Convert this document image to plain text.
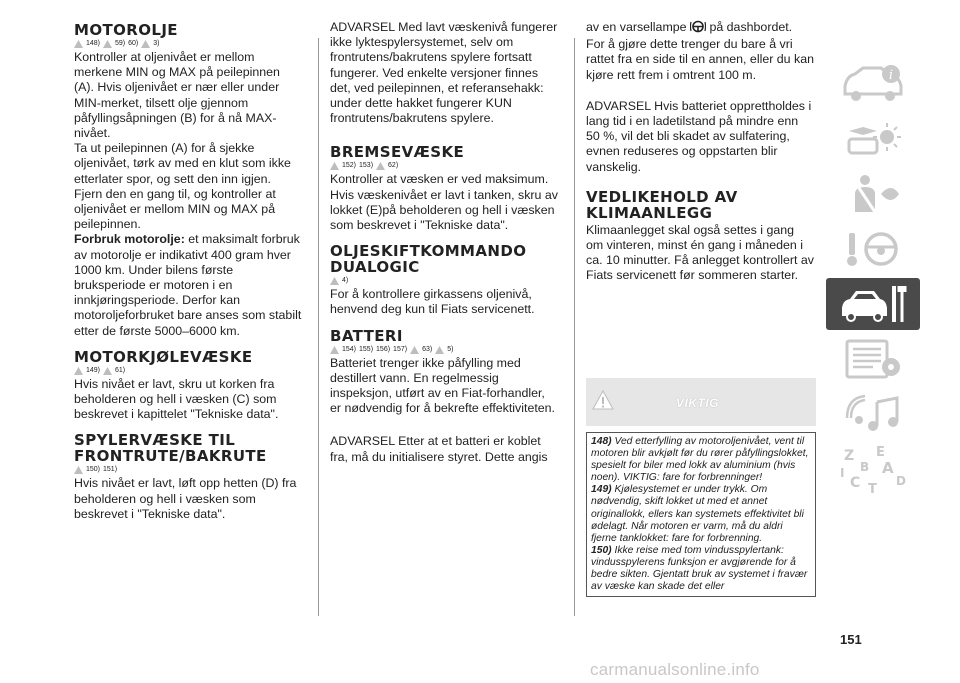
MOTOROLJE
148) 59) 60) 3)

Kontroller at oljenivået er mellom merkene MIN og MAX på peilepinnen (A). Hvis oljenivået er nær eller under MIN-merket, tilsett olje gjennom påfyllingsåpningen (B) for å nå MAX-nivået.

Ta ut peilepinnen (A) for å sjekke oljenivået, tørk av med en klut som ikke etterlater spor, og sett den inn igjen. Fjern den en gang til, og kontroller at oljenivået er mellom MIN og MAX på peilepinnen.

Forbruk motorolje: et maksimalt forbruk av motorolje er indikativt 400 gram hver 1000 km. Under bilens første bruksperiode er motoren i en innkjøringsperiode. Derfor kan motoroljeforbruket bare anses som stabilt etter de første 5000–6000 km.

MOTORKJØLEVÆSKE
149) 61)

Hvis nivået er lavt, skru ut korken fra beholderen og hell i væsken (C) som beskrevet i kapittelet "Tekniske data".

SPYLERVÆSKE TIL
FRONTRUTE/BAKRUTE
150) 151)

Hvis nivået er lavt, løft opp hetten (D) fra beholderen og hell i væsken som beskrevet i "Tekniske data".

ADVARSEL Med lavt væskenivå fungerer ikke lyktespylersystemet, selv om frontrutens/bakrutens spylere fortsatt fungerer. Ved enkelte versjoner finnes det, ved peilepinnen, et referansehakk: under dette hakket fungerer KUN frontrutens/bakrutens spylere.

BREMSEVÆSKE
152) 153) 62)

Kontroller at væsken er ved maksimum.

Hvis væskenivået er lavt i tanken, skru av lokket (E)på beholderen og hell i væsken som beskrevet i "Tekniske data".

OLJESKIFTKOMMANDO
DUALOGIC
4)

For å kontrollere girkassens oljenivå, henvend deg kun til Fiats servicenett.

BATTERI
154) 155) 156) 157) 63) 5)

Batteriet trenger ikke påfylling med destillert vann. En regelmessig inspeksjon, utført av en Fiat-forhandler, er nødvendig for å bekrefte effektiviteten.

ADVARSEL Etter at et batteri er koblet fra, må du initialisere styret. Dette angis

av en varsellampe  på dashbordet. For å gjøre dette trenger du bare å vri rattet fra en side til en annen, eller du kan kjøre rett frem i omtrent 100 m.

ADVARSEL Hvis batteriet opprettholdes i lang tid i en ladetilstand på mindre enn 50 %, vil det bli skadet av sulfatering, evnen reduseres og oppstarten blir vanskelig.

VEDLIKEHOLD AV
KLIMAANLEGG

Klimaanlegget skal også settes i gang om vinteren, minst én gang i måneden i ca. 10 minutter. Få anlegget kontrollert av Fiats servicenett før sommeren starter.

VIKTIG

148) Ved etterfylling av motoroljenivået, vent til motoren blir avkjølt før du rører påfyllingslokket, spesielt for biler med lokk av aluminium (hvis noen). VIKTIG: fare for forbrenninger!

149) Kjølesystemet er under trykk. Om nødvendig, skift lokket ut med et annet originallokk, ellers kan systemets effektivitet bli ødelagt. Når motoren er varm, må du aldri fjerne tanklokket: fare for forbrenning.

150) Ikke reise med tom vindusspylertank: vindusspylerens funksjon er avgjørende for å bedre sikten. Gjentatt bruk av systemet i fravær av væske kan skade det eller

i
Z E
A
D
C T
B
I
151
carmanualsonline.info
